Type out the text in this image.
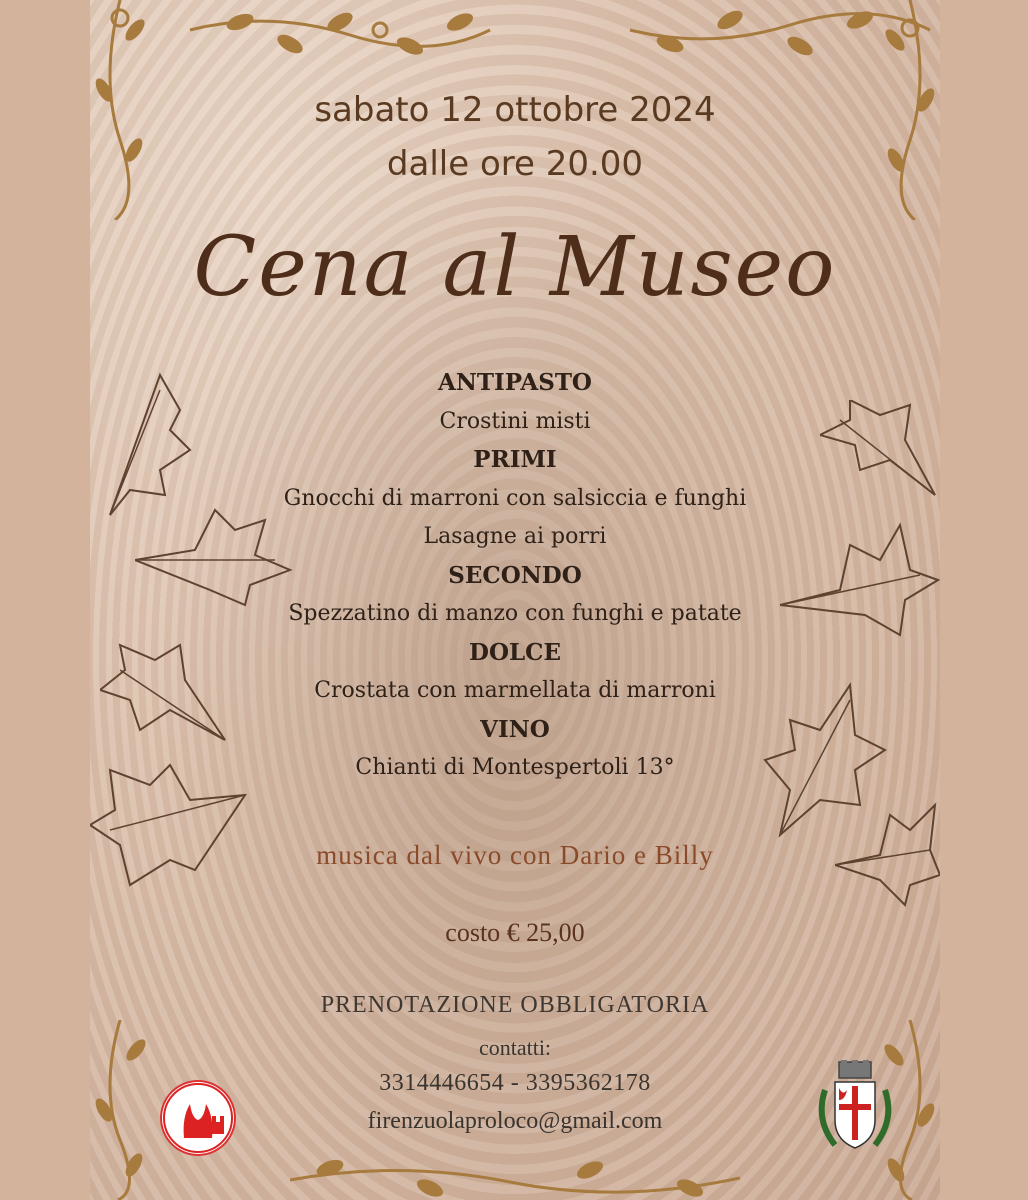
sabato 12 ottobre 2024
dalle ore 20.00
Cena al Museo
ANTIPASTO
Crostini misti
PRIMI
Gnocchi di marroni con salsiccia e funghi
Lasagne ai porri
SECONDO
Spezzatino di manzo con funghi e patate
DOLCE
Crostata con marmellata di marroni
VINO
Chianti di Montespertoli 13°
musica dal vivo con Dario e Billy
costo € 25,00
PRENOTAZIONE OBBLIGATORIA
contatti:
3314446654 - 3395362178
firenzuolaproloco@gmail.com
